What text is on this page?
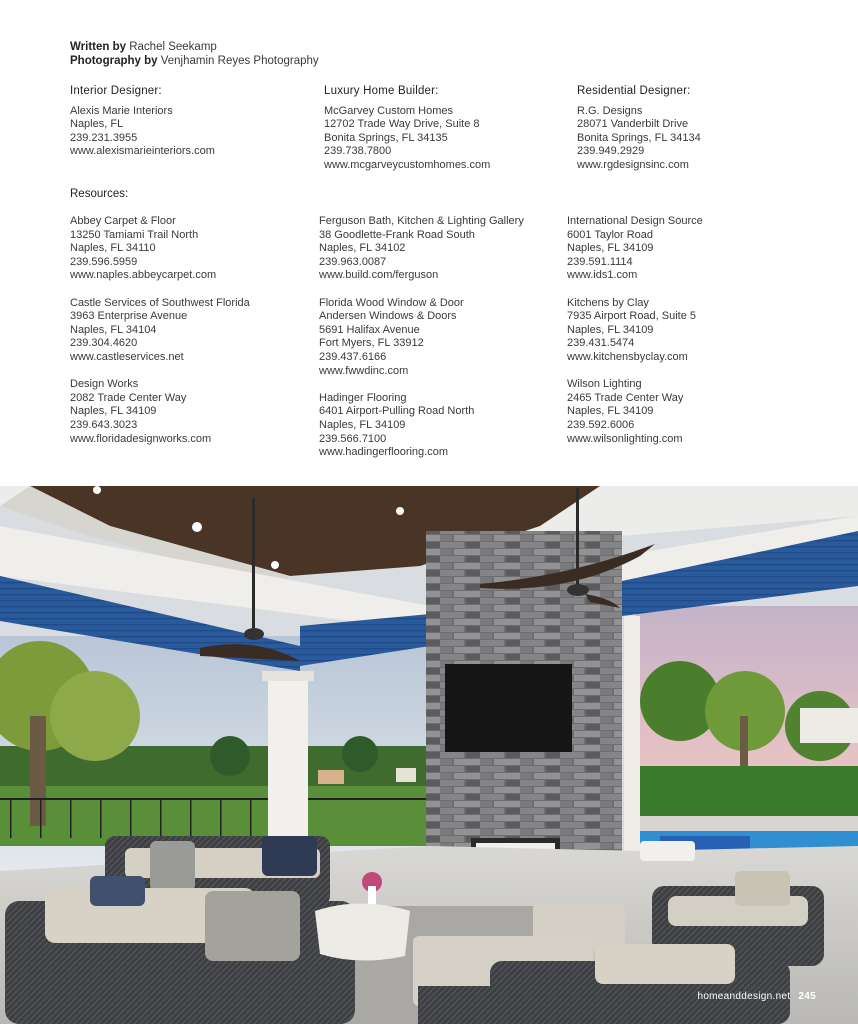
Written by Rachel Seekamp
Photography by Venjhamin Reyes Photography
Interior Designer:
Alexis Marie Interiors
Naples, FL
239.231.3955
www.alexismarieinteriors.com
Luxury Home Builder:
McGarvey Custom Homes
12702 Trade Way Drive, Suite 8
Bonita Springs, FL 34135
239.738.7800
www.mcgarveycustomhomes.com
Residential Designer:
R.G. Designs
28071 Vanderbilt Drive
Bonita Springs, FL 34134
239.949.2929
www.rgdesignsinc.com
Resources:
Abbey Carpet & Floor
13250 Tamiami Trail North
Naples, FL 34110
239.596.5959
www.naples.abbeycarpet.com
Castle Services of Southwest Florida
3963 Enterprise Avenue
Naples, FL 34104
239.304.4620
www.castleservices.net
Design Works
2082 Trade Center Way
Naples, FL 34109
239.643.3023
www.floridadesignworks.com
Ferguson Bath, Kitchen & Lighting Gallery
38 Goodlette-Frank Road South
Naples, FL 34102
239.963.0087
www.build.com/ferguson
Florida Wood Window & Door
Andersen Windows & Doors
5691 Halifax Avenue
Fort Myers, FL 33912
239.437.6166
www.fwwdinc.com
Hadinger Flooring
6401 Airport-Pulling Road North
Naples, FL 34109
239.566.7100
www.hadingerflooring.com
International Design Source
6001 Taylor Road
Naples, FL 34109
239.591.1114
www.ids1.com
Kitchens by Clay
7935 Airport Road, Suite 5
Naples, FL 34109
239.431.5474
www.kitchensbyclay.com
Wilson Lighting
2465 Trade Center Way
Naples, FL 34109
239.592.6006
www.wilsonlighting.com
homeanddesign.net 245
